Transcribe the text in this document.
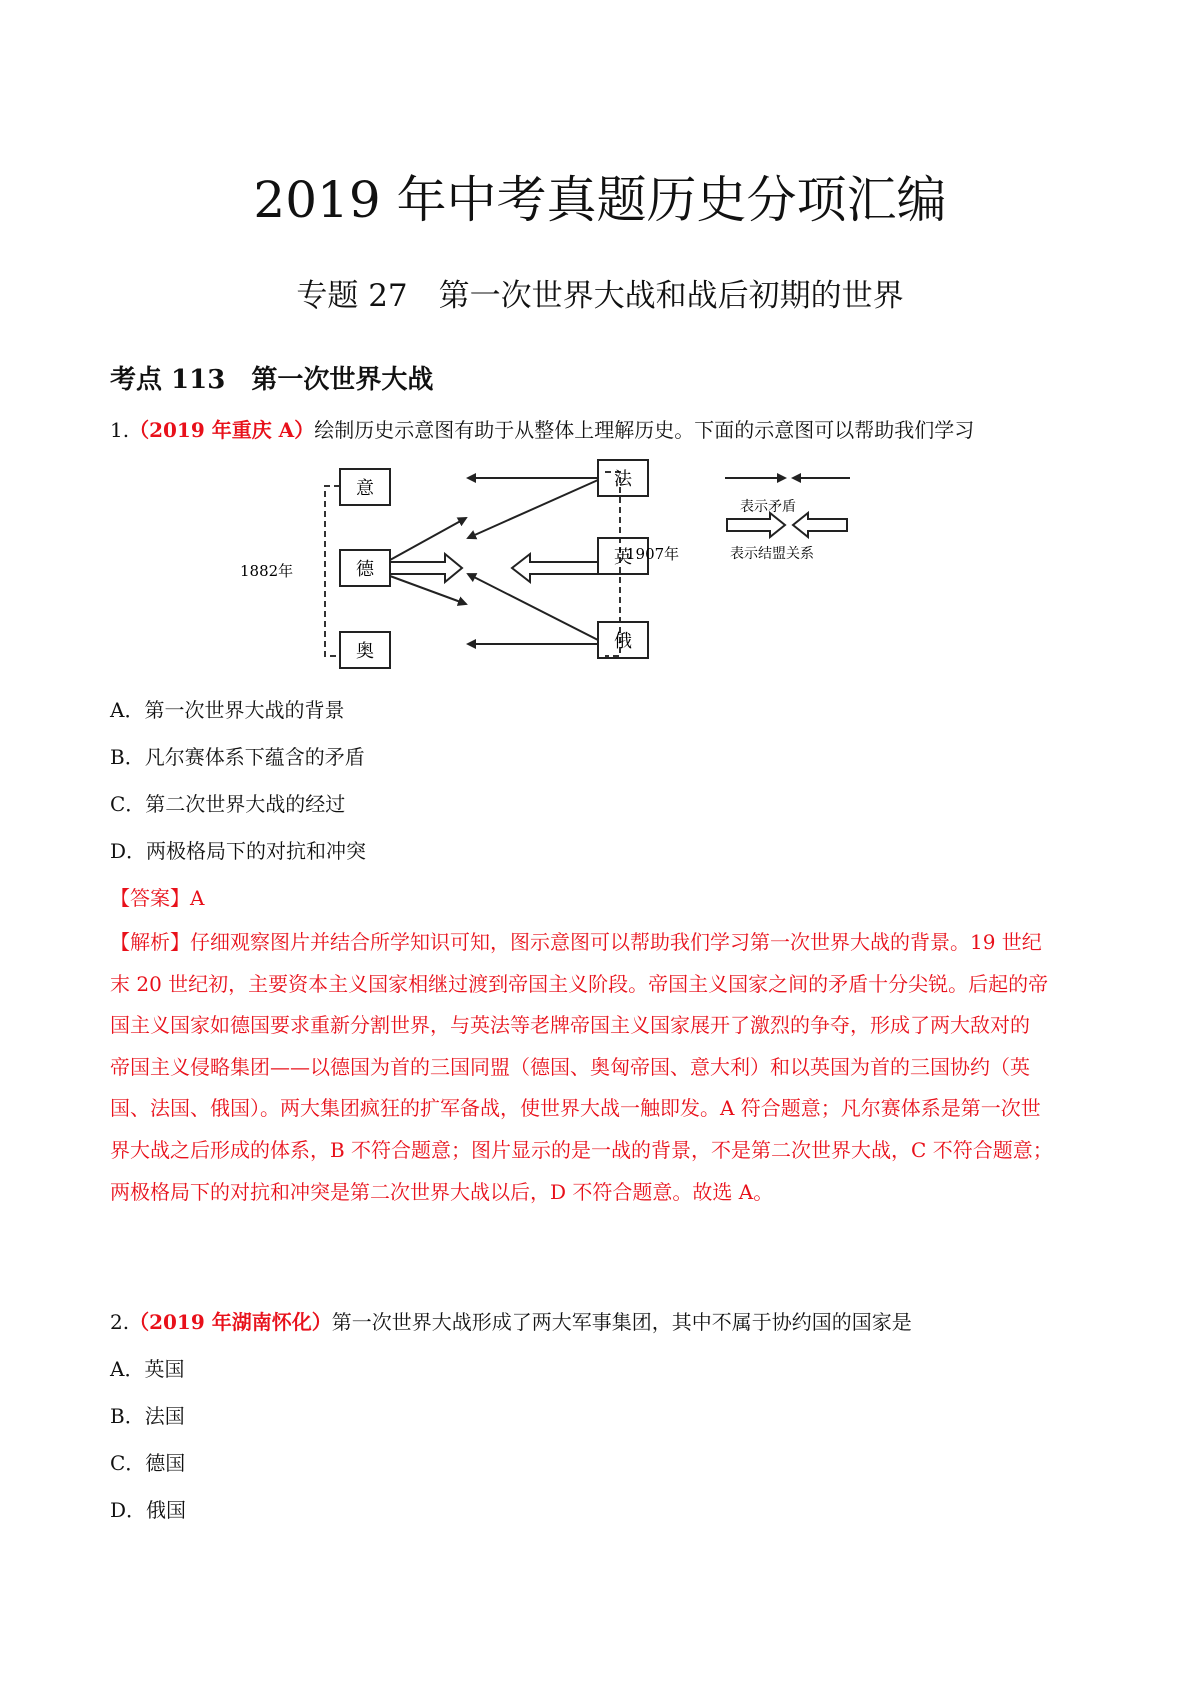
2019 年中考真题历史分项汇编
专题 27　第一次世界大战和战后初期的世界
考点 113　第一次世界大战
1.（2019 年重庆 A）绘制历史示意图有助于从整体上理解历史。下面的示意图可以帮助我们学习
意
德
奥
法
英
俄
1882年
1907年
表示矛盾
表示结盟关系
A．第一次世界大战的背景
B．凡尔赛体系下蕴含的矛盾
C．第二次世界大战的经过
D．两极格局下的对抗和冲突
【答案】A

【解析】仔细观察图片并结合所学知识可知，图示意图可以帮助我们学习第一次世界大战的背景。19 世纪

末 20 世纪初，主要资本主义国家相继过渡到帝国主义阶段。帝国主义国家之间的矛盾十分尖锐。后起的帝

国主义国家如德国要求重新分割世界，与英法等老牌帝国主义国家展开了激烈的争夺，形成了两大敌对的

帝国主义侵略集团——以德国为首的三国同盟（德国、奥匈帝国、意大利）和以英国为首的三国协约（英

国、法国、俄国）。两大集团疯狂的扩军备战，使世界大战一触即发。A 符合题意；凡尔赛体系是第一次世

界大战之后形成的体系，B 不符合题意；图片显示的是一战的背景，不是第二次世界大战，C 不符合题意；

两极格局下的对抗和冲突是第二次世界大战以后，D 不符合题意。故选 A。

2.（2019 年湖南怀化）第一次世界大战形成了两大军事集团，其中不属于协约国的国家是
A．英国
B．法国
C．德国
D．俄国
